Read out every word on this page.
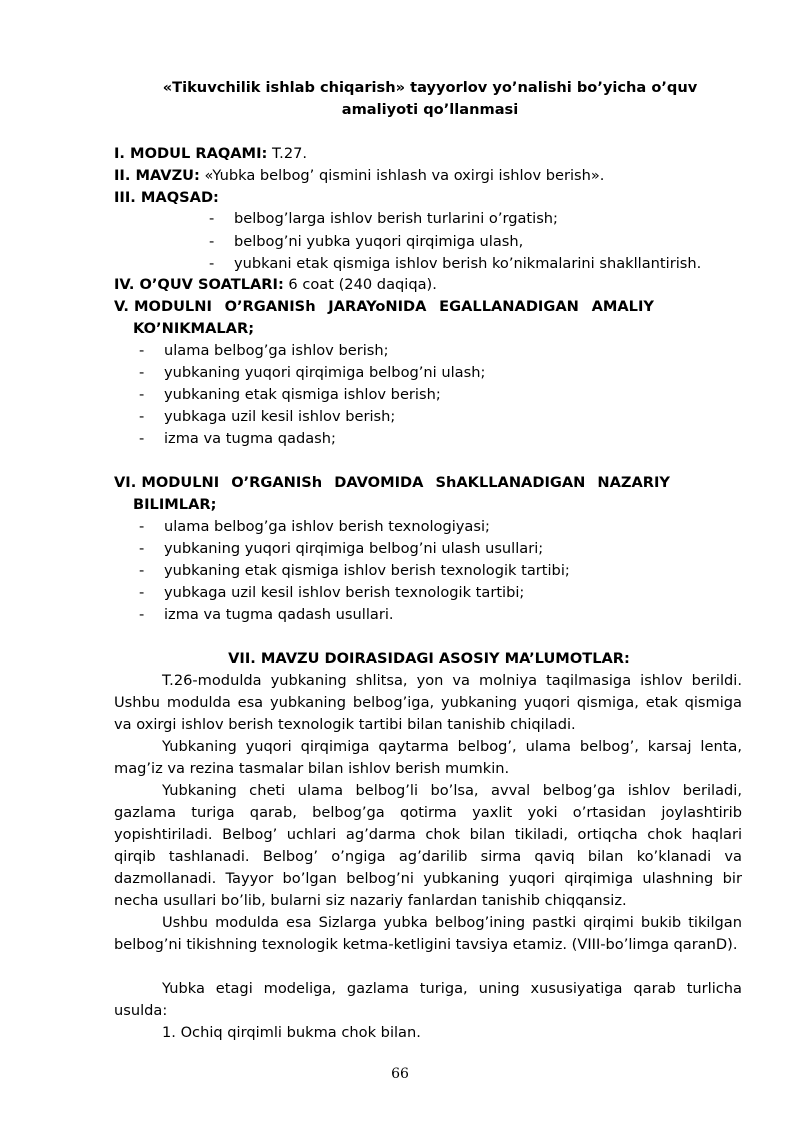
«Tikuvchilik ishlab chiqarish» tayyorlov yo’nalishi bo’yicha o’quv
amaliyoti qo’llanmasi
I. MODUL RAQAMI: T.27.
II. MAVZU: «Yubka belbog’ qismini ishlash va oxirgi ishlov berish».
III. MAQSAD:
- belbog’larga ishlov berish turlarini o’rgatish;
- belbog’ni yubka yuqori qirqimiga ulash,
- yubkani etak qismiga ishlov berish ko’nikmalarini shakllantirish.
IV. O’QUV SOATLARI: 6 coat (240 daqiqa).
V. MODULNI O’RGANISh JARAYoNIDA EGALLANADIGAN AMALIY
KO’NIKMALAR;
- ulama belbog’ga ishlov berish;
- yubkaning yuqori qirqimiga belbog’ni ulash;
- yubkaning etak qismiga ishlov berish;
- yubkaga uzil kesil ishlov berish;
- izma va tugma qadash;
VI. MODULNI O’RGANISh DAVOMIDA ShAKLLANADIGAN NAZARIY
BILIMLAR;
- ulama belbog’ga ishlov berish texnologiyasi;
- yubkaning yuqori qirqimiga belbog’ni ulash usullari;
- yubkaning etak qismiga ishlov berish texnologik tartibi;
- yubkaga uzil kesil ishlov berish texnologik tartibi;
- izma va tugma qadash usullari.
VII. MAVZU DOIRASIDAGI ASOSIY MA’LUMOTLAR:

T.26-modulda yubkaning shlitsa, yon va molniya taqilmasiga ishlov berildi. Ushbu modulda esa yubkaning belbog’iga, yubkaning yuqori qismiga, etak qismiga va oxirgi ishlov berish texnologik tartibi bilan tanishib chiqiladi.

Yubkaning yuqori qirqimiga qaytarma belbog’, ulama belbog’, karsaj lenta, mag’iz va rezina tasmalar bilan ishlov berish mumkin.

Yubkaning cheti ulama belbog’li bo’lsa, avval belbog’ga ishlov beriladi, gazlama turiga qarab, belbog’ga qotirma yaxlit yoki o’rtasidan joylashtirib yopishtiriladi. Belbog’ uchlari ag’darma chok bilan tikiladi, ortiqcha chok haqlari qirqib tashlanadi. Belbog’ o’ngiga ag’darilib sirma qaviq bilan ko’klanadi va dazmollanadi. Tayyor bo’lgan belbog’ni yubkaning yuqori qirqimiga ulashning bir necha usullari bo’lib, bularni siz nazariy fanlardan tanishib chiqqansiz.

Ushbu modulda esa Sizlarga yubka belbog’ining pastki qirqimi bukib tikilgan belbog’ni tikishning texnologik ketma-ketligini tavsiya etamiz. (VIII-bo’limga qaranD).

Yubka etagi modeliga, gazlama turiga, uning xususiyatiga qarab turlicha usulda:

1. Ochiq qirqimli bukma chok bilan.
66
